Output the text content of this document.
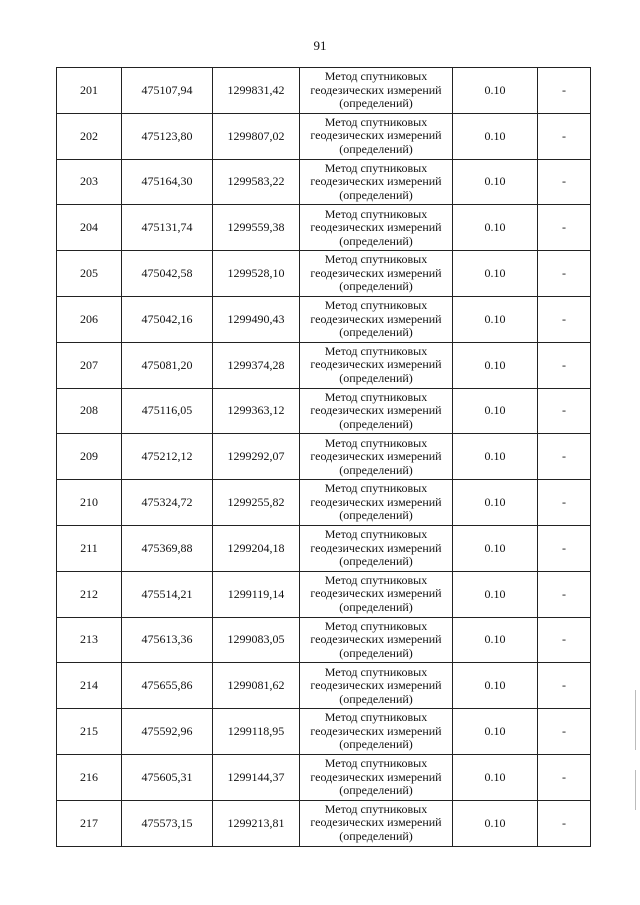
91
201	475107,94	1299831,42	Метод спутниковых
геодезических измерений
(определений)	0.10	-
202	475123,80	1299807,02	Метод спутниковых
геодезических измерений
(определений)	0.10	-
203	475164,30	1299583,22	Метод спутниковых
геодезических измерений
(определений)	0.10	-
204	475131,74	1299559,38	Метод спутниковых
геодезических измерений
(определений)	0.10	-
205	475042,58	1299528,10	Метод спутниковых
геодезических измерений
(определений)	0.10	-
206	475042,16	1299490,43	Метод спутниковых
геодезических измерений
(определений)	0.10	-
207	475081,20	1299374,28	Метод спутниковых
геодезических измерений
(определений)	0.10	-
208	475116,05	1299363,12	Метод спутниковых
геодезических измерений
(определений)	0.10	-
209	475212,12	1299292,07	Метод спутниковых
геодезических измерений
(определений)	0.10	-
210	475324,72	1299255,82	Метод спутниковых
геодезических измерений
(определений)	0.10	-
211	475369,88	1299204,18	Метод спутниковых
геодезических измерений
(определений)	0.10	-
212	475514,21	1299119,14	Метод спутниковых
геодезических измерений
(определений)	0.10	-
213	475613,36	1299083,05	Метод спутниковых
геодезических измерений
(определений)	0.10	-
214	475655,86	1299081,62	Метод спутниковых
геодезических измерений
(определений)	0.10	-
215	475592,96	1299118,95	Метод спутниковых
геодезических измерений
(определений)	0.10	-
216	475605,31	1299144,37	Метод спутниковых
геодезических измерений
(определений)	0.10	-
217	475573,15	1299213,81	Метод спутниковых
геодезических измерений
(определений)	0.10	-
